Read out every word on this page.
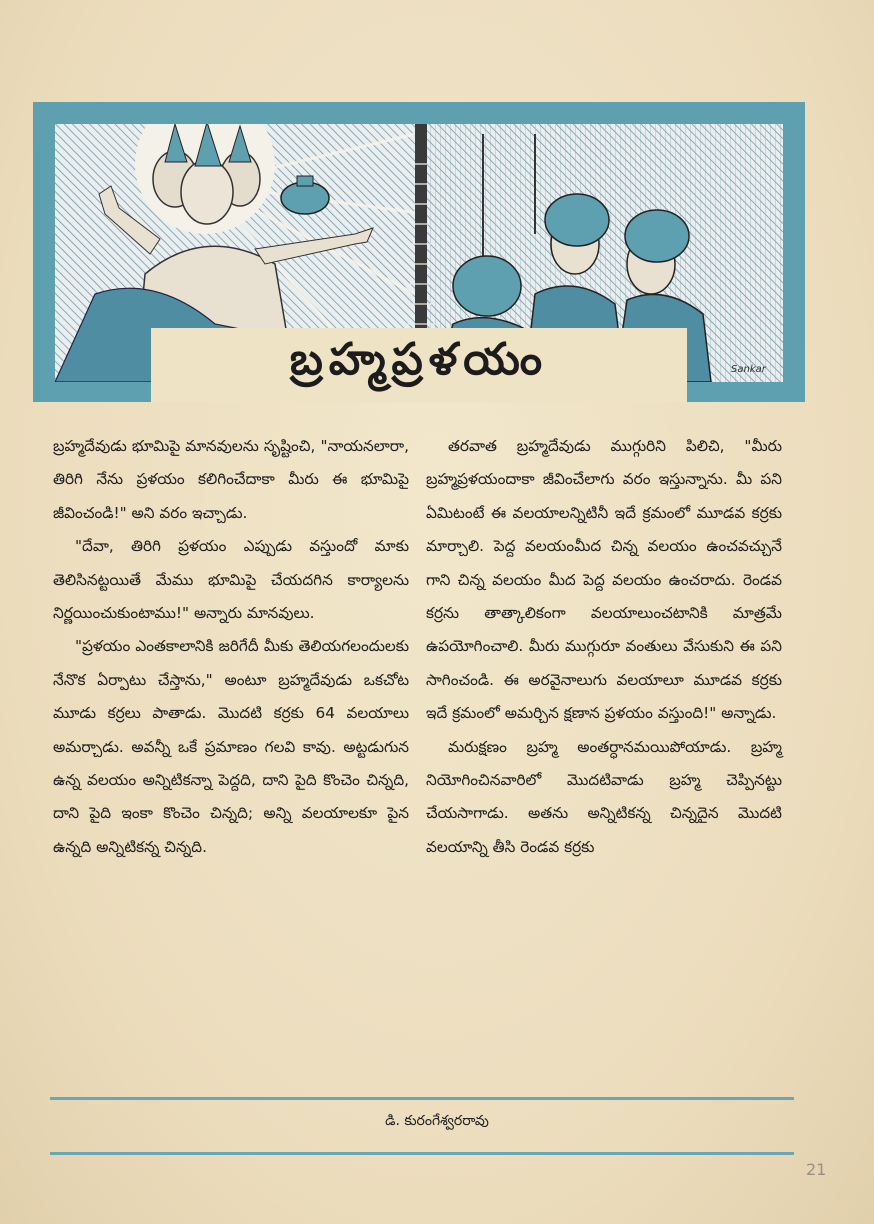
బ్రహ్మప్రళయం	Sankar

బ్రహ్మదేవుడు భూమిపై మానవులను సృష్టించి, "నాయనలారా, తిరిగి నేను ప్రళయం కలిగించేదాకా మీరు ఈ భూమిపై జీవించండి!" అని వరం ఇచ్చాడు.

"దేవా, తిరిగి ప్రళయం ఎప్పుడు వస్తుందో మాకు తెలిసినట్టయితే మేము భూమిపై చేయదగిన కార్యాలను నిర్ణయించుకుంటాము!" అన్నారు మానవులు.

"ప్రళయం ఎంతకాలానికి జరిగేదీ మీకు తెలియగలందులకు నేనొక ఏర్పాటు చేస్తాను," అంటూ బ్రహ్మదేవుడు ఒకచోట మూడు కర్రలు పాతాడు. మొదటి కర్రకు 64 వలయాలు అమర్చాడు. అవన్నీ ఒకే ప్రమాణం గలవి కావు. అట్టడుగున ఉన్న వలయం అన్నిటికన్నా పెద్దది, దాని పైది కొంచెం చిన్నది, దాని పైది ఇంకా కొంచెం చిన్నది; అన్ని వలయాలకూ పైన ఉన్నది అన్నిటికన్న చిన్నది.

తరవాత బ్రహ్మదేవుడు ముగ్గురిని పిలిచి, "మీరు బ్రహ్మప్రళయందాకా జీవించేలాగు వరం ఇస్తున్నాను. మీ పని ఏమిటంటే ఈ వలయాలన్నిటినీ ఇదే క్రమంలో మూడవ కర్రకు మార్చాలి. పెద్ద వలయంమీద చిన్న వలయం ఉంచవచ్చునే గాని చిన్న వలయం మీద పెద్ద వలయం ఉంచరాదు. రెండవ కర్రను తాత్కాలికంగా వలయాలుంచటానికి మాత్రమే ఉపయోగించాలి. మీరు ముగ్గురూ వంతులు వేసుకుని ఈ పని సాగించండి. ఈ అరవైనాలుగు వలయాలూ మూడవ కర్రకు ఇదే క్రమంలో అమర్చిన క్షణాన ప్రళయం వస్తుంది!" అన్నాడు.

మరుక్షణం బ్రహ్మ అంతర్ధానమయిపోయాడు. బ్రహ్మ నియోగించినవారిలో మొదటివాడు బ్రహ్మ చెప్పినట్టు చేయసాగాడు. అతను అన్నిటికన్న చిన్నదైన మొదటి వలయాన్ని తీసి రెండవ కర్రకు

డి. కురంగేశ్వరరావు
21
